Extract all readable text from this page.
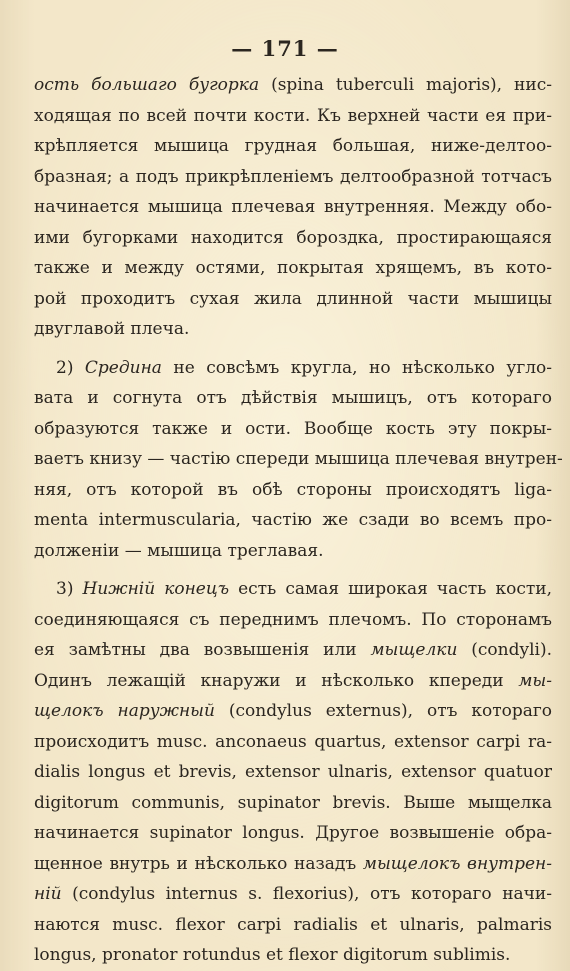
— 171 —
ость большаго бугорка (spina tuberculi majoris), нис-
ходящая по всей почти кости. Къ верхней части ея при-
крѣпляется мышица грудная большая, ниже-делтоо-
бразная; а подъ прикрѣпленіемъ делтообразной тотчасъ
начинается мышица плечевая внутренняя. Между обо-
ими бугорками находится бороздка, простирающаяся
также и между остями, покрытая хрящемъ, въ кото-
рой проходитъ сухая жила длинной части мышицы
двуглавой плеча.
2) Средина не совсѣмъ кругла, но нѣсколько угло-
вата и согнута отъ дѣйствія мышицъ, отъ котораго
образуются также и ости. Вообще кость эту покры-
ваетъ книзу — частію спереди мышица плечевая внутрен-
няя, отъ которой въ обѣ стороны происходятъ liga-
menta intermuscularia, частію же сзади во всемъ про-
долженіи — мышица треглавая.
3) Нижній конецъ есть самая широкая часть кости,
соединяющаяся съ переднимъ плечомъ. По сторонамъ
ея замѣтны два возвышенія или мыщелки (condyli).
Одинъ лежащій кнаружи и нѣсколько кпереди мы-
щелокъ наружный (condylus externus), отъ котораго
происходитъ musc. anconaeus quartus, extensor carpi ra-
dialis longus et brevis, extensor ulnaris, extensor quatuor
digitorum communis, supinator brevis. Выше мыщелка
начинается supinator longus. Другое возвышеніе обра-
щенное внутрь и нѣсколько назадъ мыщелокъ внутрен-
ній (condylus internus s. flexorius), отъ котораго начи-
наются musc. flexor carpi radialis et ulnaris, palmaris
longus, pronator rotundus et flexor digitorum sublimis.
